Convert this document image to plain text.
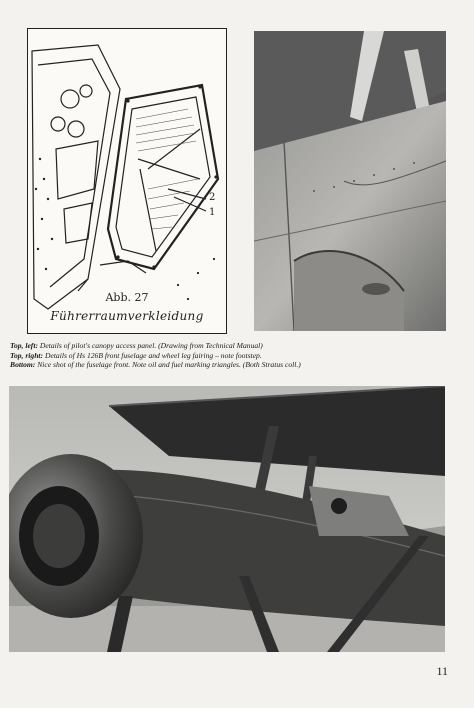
2
1
Abb. 27
Führerraumverkleidung
Top, left: Details of pilot's canopy access panel. (Drawing from Technical Manual)
Top, right: Details of Hs 126B front fuselage and wheel leg fairing – note footstep.
Bottom: Nice shot of the fuselage front. Note oil and fuel marking triangles. (Both Stratus coll.)
11
